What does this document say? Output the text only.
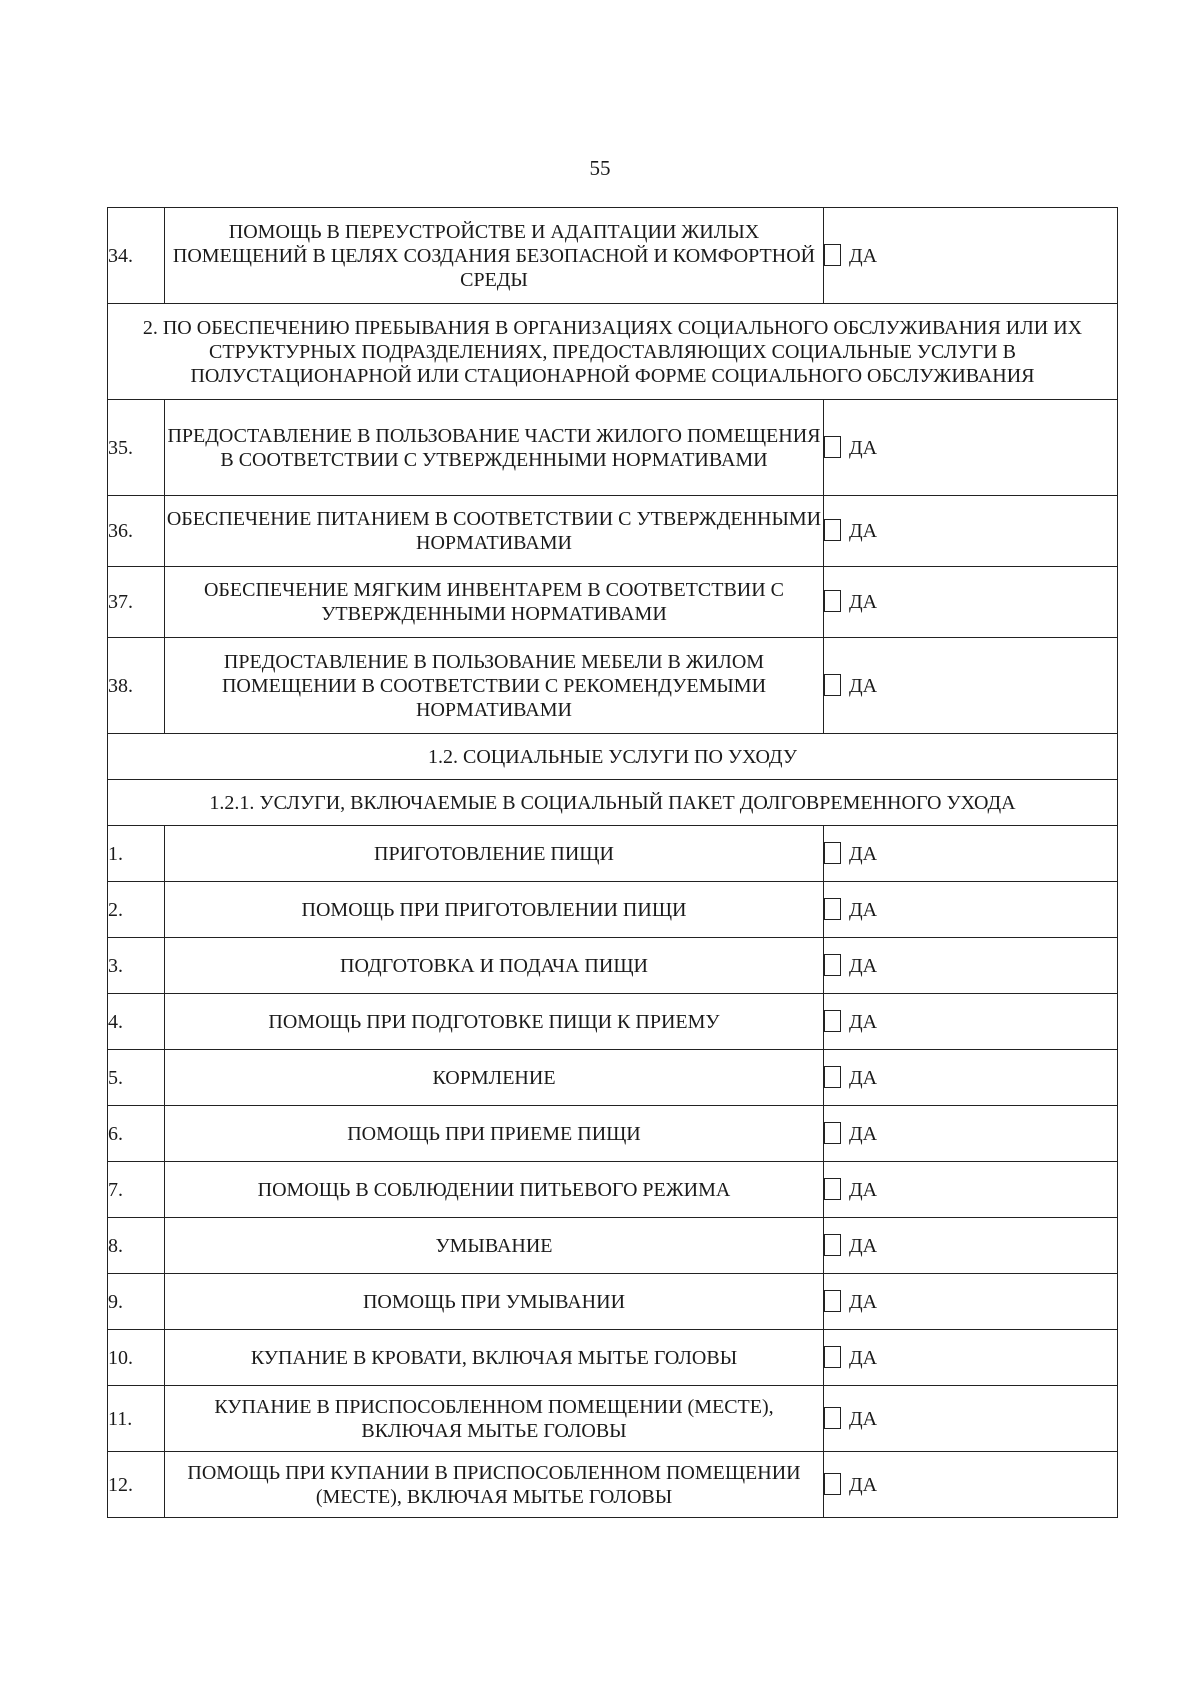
55
34.	ПОМОЩЬ В ПЕРЕУСТРОЙСТВЕ И АДАПТАЦИИ ЖИЛЫХ ПОМЕЩЕНИЙ В ЦЕЛЯХ СОЗДАНИЯ БЕЗОПАСНОЙ И КОМФОРТНОЙ СРЕДЫ	ДА
2. ПО ОБЕСПЕЧЕНИЮ ПРЕБЫВАНИЯ В ОРГАНИЗАЦИЯХ СОЦИАЛЬНОГО ОБСЛУЖИВАНИЯ ИЛИ ИХ СТРУКТУРНЫХ ПОДРАЗДЕЛЕНИЯХ, ПРЕДОСТАВЛЯЮЩИХ СОЦИАЛЬНЫЕ УСЛУГИ В ПОЛУСТАЦИОНАРНОЙ ИЛИ СТАЦИОНАРНОЙ ФОРМЕ СОЦИАЛЬНОГО ОБСЛУЖИВАНИЯ		
35.	ПРЕДОСТАВЛЕНИЕ В ПОЛЬЗОВАНИЕ ЧАСТИ ЖИЛОГО ПОМЕЩЕНИЯ В СООТВЕТСТВИИ С УТВЕРЖДЕННЫМИ НОРМАТИВАМИ	ДА
36.	ОБЕСПЕЧЕНИЕ ПИТАНИЕМ В СООТВЕТСТВИИ С УТВЕРЖДЕННЫМИ НОРМАТИВАМИ	ДА
37.	ОБЕСПЕЧЕНИЕ МЯГКИМ ИНВЕНТАРЕМ В СООТВЕТСТВИИ С УТВЕРЖДЕННЫМИ НОРМАТИВАМИ	ДА
38.	ПРЕДОСТАВЛЕНИЕ В ПОЛЬЗОВАНИЕ МЕБЕЛИ В ЖИЛОМ ПОМЕЩЕНИИ В СООТВЕТСТВИИ С РЕКОМЕНДУЕМЫМИ НОРМАТИВАМИ	ДА
1.2. СОЦИАЛЬНЫЕ УСЛУГИ ПО УХОДУ		
1.2.1. УСЛУГИ, ВКЛЮЧАЕМЫЕ В СОЦИАЛЬНЫЙ ПАКЕТ ДОЛГОВРЕМЕННОГО УХОДА		
1.	ПРИГОТОВЛЕНИЕ ПИЩИ	ДА
2.	ПОМОЩЬ ПРИ ПРИГОТОВЛЕНИИ ПИЩИ	ДА
3.	ПОДГОТОВКА И ПОДАЧА ПИЩИ	ДА
4.	ПОМОЩЬ ПРИ ПОДГОТОВКЕ ПИЩИ К ПРИЕМУ	ДА
5.	КОРМЛЕНИЕ	ДА
6.	ПОМОЩЬ ПРИ ПРИЕМЕ ПИЩИ	ДА
7.	ПОМОЩЬ В СОБЛЮДЕНИИ ПИТЬЕВОГО РЕЖИМА	ДА
8.	УМЫВАНИЕ	ДА
9.	ПОМОЩЬ ПРИ УМЫВАНИИ	ДА
10.	КУПАНИЕ В КРОВАТИ, ВКЛЮЧАЯ МЫТЬЕ ГОЛОВЫ	ДА
11.	КУПАНИЕ В ПРИСПОСОБЛЕННОМ ПОМЕЩЕНИИ (МЕСТЕ), ВКЛЮЧАЯ МЫТЬЕ ГОЛОВЫ	ДА
12.	ПОМОЩЬ ПРИ КУПАНИИ В ПРИСПОСОБЛЕННОМ ПОМЕЩЕНИИ (МЕСТЕ), ВКЛЮЧАЯ МЫТЬЕ ГОЛОВЫ	ДА
